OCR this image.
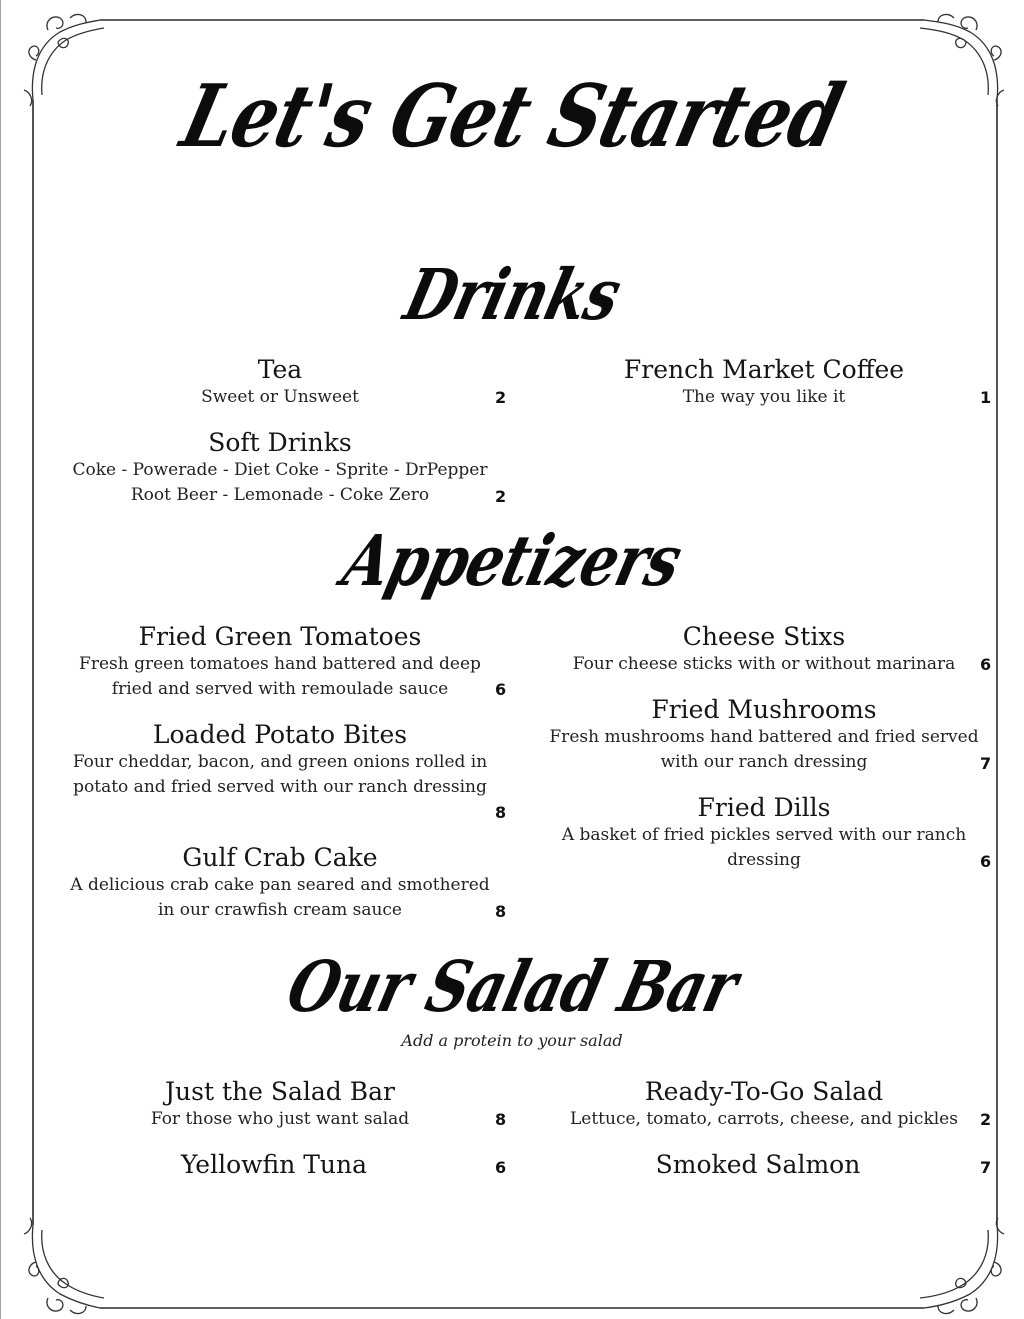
Let's Get Started
Drinks
Tea
Sweet or Unsweet	2
French Market Coffee
The way you like it	1
Soft Drinks
Coke - Powerade - Diet Coke - Sprite - DrPepper
Root Beer - Lemonade - Coke Zero	2
Appetizers
Fried Green Tomatoes
Fresh green tomatoes hand battered and deep
fried and served with remoulade sauce	6
Cheese Stixs
Four cheese sticks with or without marinara	6
Fried Mushrooms
Fresh mushrooms hand battered and fried served
with our ranch dressing	7
Loaded Potato Bites
Four cheddar, bacon, and green onions rolled in
potato and fried served with our ranch dressing
8	Fried Dills
A basket of fried pickles served with our ranch
dressing	6
Gulf Crab Cake
A delicious crab cake pan seared and smothered
in our crawfish cream sauce	8
Our Salad Bar
Add a protein to your salad
Just the Salad Bar
For those who just want salad	8
Ready-To-Go Salad
Lettuce, tomato, carrots, cheese, and pickles	2
Yellowfin Tuna	6	Smoked Salmon	7
